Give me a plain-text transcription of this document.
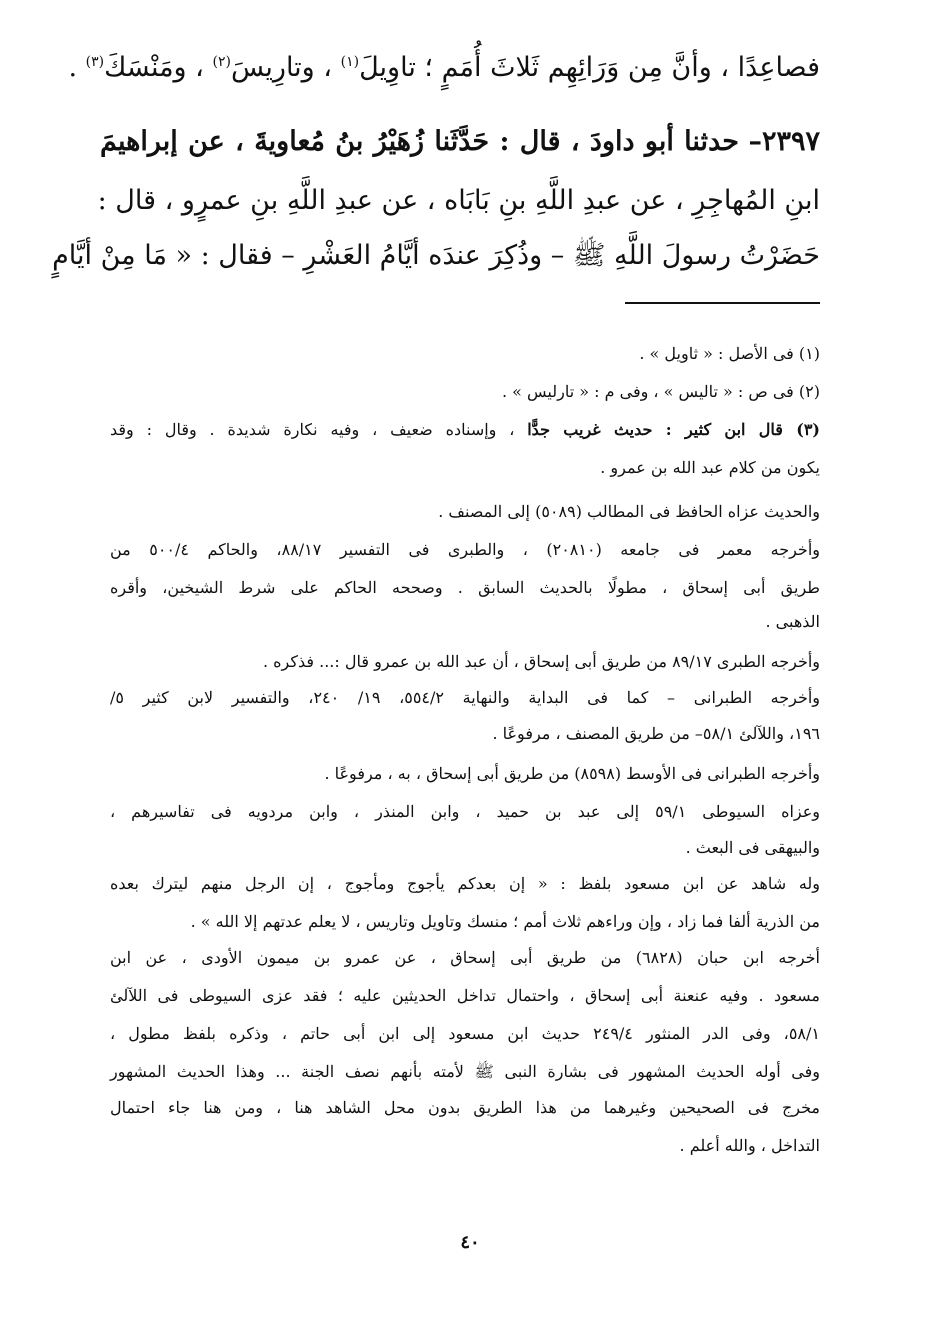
فصاعِدًا ، وأنَّ مِن وَرَائِهِم ثَلاثَ أُمَمٍ ؛ تاوِيلَ$^{(١)}$ ، وتارِيسَ$^{(٢)}$ ، ومَنْسَكَ$^{(٣)}$ .
٢٣٩٧– حدثنا أبو داودَ ، قال : حَدَّثَنا زُهَيْرُ بنُ مُعاويةَ ، عن إبراهيمَ
ابنِ المُهاجِرِ ، عن عبدِ اللَّهِ بنِ بَابَاه ، عن عبدِ اللَّهِ بنِ عمرٍو ، قال :
حَضَرْتُ رسولَ اللَّهِ ﷺ – وذُكِرَ عندَه أيَّامُ العَشْرِ – فقال : « مَا مِنْ أيَّامٍ
(١) فى الأصل : « ثاويل » .
(٢) فى ص : « تاليس » ، وفى م : « تارليس » .
(٣) قال ابن كثير : حديث غريب جدًّا ، وإسناده ضعيف ، وفيه نكارة شديدة . وقال : وقد
يكون من كلام عبد الله بن عمرو .
والحديث عزاه الحافظ فى المطالب (٥٠٨٩) إلى المصنف .
وأخرجه معمر فى جامعه (٢٠٨١٠) ، والطبرى فى التفسير ٨٨/١٧، والحاكم ٥٠٠/٤ من
طريق أبى إسحاق ، مطولًا بالحديث السابق . وصححه الحاكم على شرط الشيخين، وأقره
الذهبى .
وأخرجه الطبرى ٨٩/١٧ من طريق أبى إسحاق ، أن عبد الله بن عمرو قال :... فذكره .
وأخرجه الطبرانى – كما فى البداية والنهاية ٥٥٤/٢، ١٩/ ٢٤٠، والتفسير لابن كثير ٥/
١٩٦، واللآلئ ٥٨/١– من طريق المصنف ، مرفوعًا .
وأخرجه الطبرانى فى الأوسط (٨٥٩٨) من طريق أبى إسحاق ، به ، مرفوعًا .
وعزاه السيوطى ٥٩/١ إلى عبد بن حميد ، وابن المنذر ، وابن مردويه فى تفاسيرهم ،
والبيهقى فى البعث .
وله شاهد عن ابن مسعود بلفظ : « إن بعدكم يأجوج ومأجوج ، إن الرجل منهم ليترك بعده
من الذرية ألفا فما زاد ، وإن وراءهم ثلاث أمم ؛ منسك وتاويل وتاريس ، لا يعلم عدتهم إلا الله » .
أخرجه ابن حبان (٦٨٢٨) من طريق أبى إسحاق ، عن عمرو بن ميمون الأودى ، عن ابن
مسعود . وفيه عنعنة أبى إسحاق ، واحتمال تداخل الحديثين عليه ؛ فقد عزى السيوطى فى اللآلئ
٥٨/١، وفى الدر المنثور ٢٤٩/٤ حديث ابن مسعود إلى ابن أبى حاتم ، وذكره بلفظ مطول ،
وفى أوله الحديث المشهور فى بشارة النبى ﷺ لأمته بأنهم نصف الجنة ... وهذا الحديث المشهور
مخرج فى الصحيحين وغيرهما من هذا الطريق بدون محل الشاهد هنا ، ومن هنا جاء احتمال
التداخل ، والله أعلم .
٤٠
